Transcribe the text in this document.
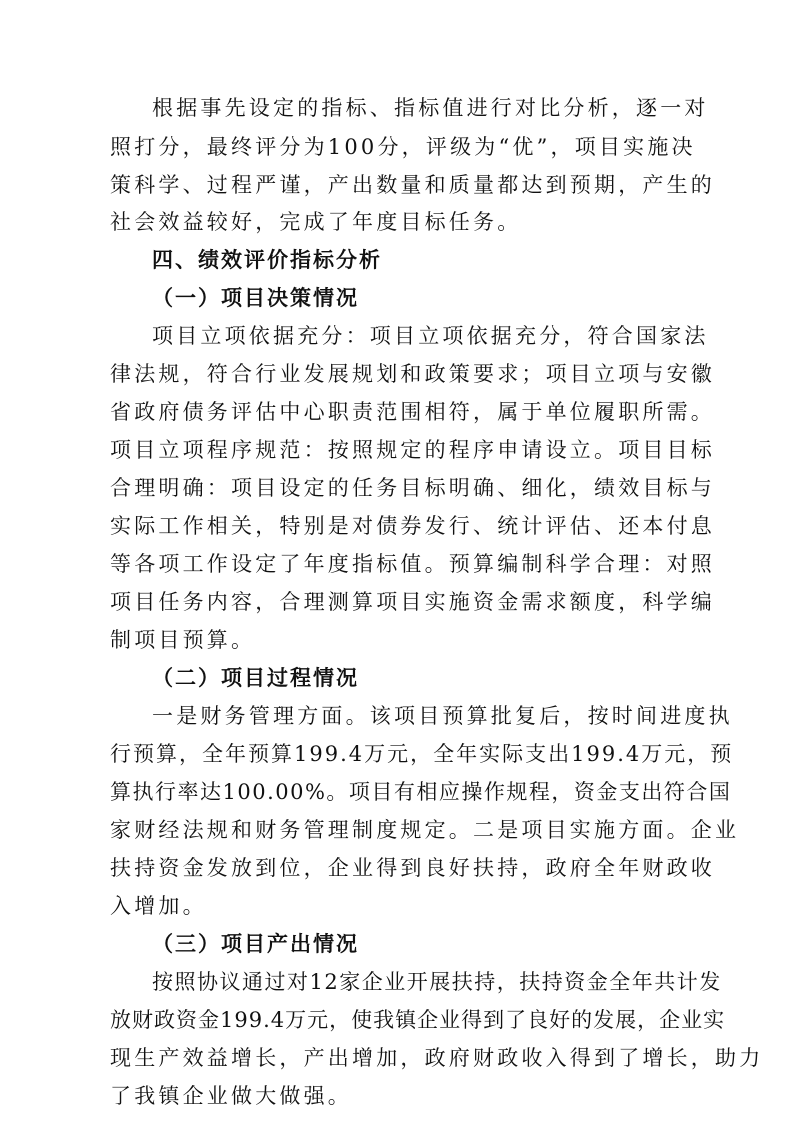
根据事先设定的指标、指标值进行对比分析，逐一对
照打分，最终评分为100分，评级为“优”，项目实施决
策科学、过程严谨，产出数量和质量都达到预期，产生的
社会效益较好，完成了年度目标任务。
四、绩效评价指标分析
（一）项目决策情况
项目立项依据充分：项目立项依据充分，符合国家法
律法规，符合行业发展规划和政策要求；项目立项与安徽
省政府债务评估中心职责范围相符，属于单位履职所需。
项目立项程序规范：按照规定的程序申请设立。项目目标
合理明确：项目设定的任务目标明确、细化，绩效目标与
实际工作相关，特别是对债券发行、统计评估、还本付息
等各项工作设定了年度指标值。预算编制科学合理：对照
项目任务内容，合理测算项目实施资金需求额度，科学编
制项目预算。
（二）项目过程情况
一是财务管理方面。该项目预算批复后，按时间进度执
行预算，全年预算199.4万元，全年实际支出199.4万元，预
算执行率达100.00%。项目有相应操作规程，资金支出符合国
家财经法规和财务管理制度规定。二是项目实施方面。企业
扶持资金发放到位，企业得到良好扶持，政府全年财政收
入增加。
（三）项目产出情况
按照协议通过对12家企业开展扶持，扶持资金全年共计发
放财政资金199.4万元，使我镇企业得到了良好的发展，企业实
现生产效益增长，产出增加，政府财政收入得到了增长，助力
了我镇企业做大做强。
